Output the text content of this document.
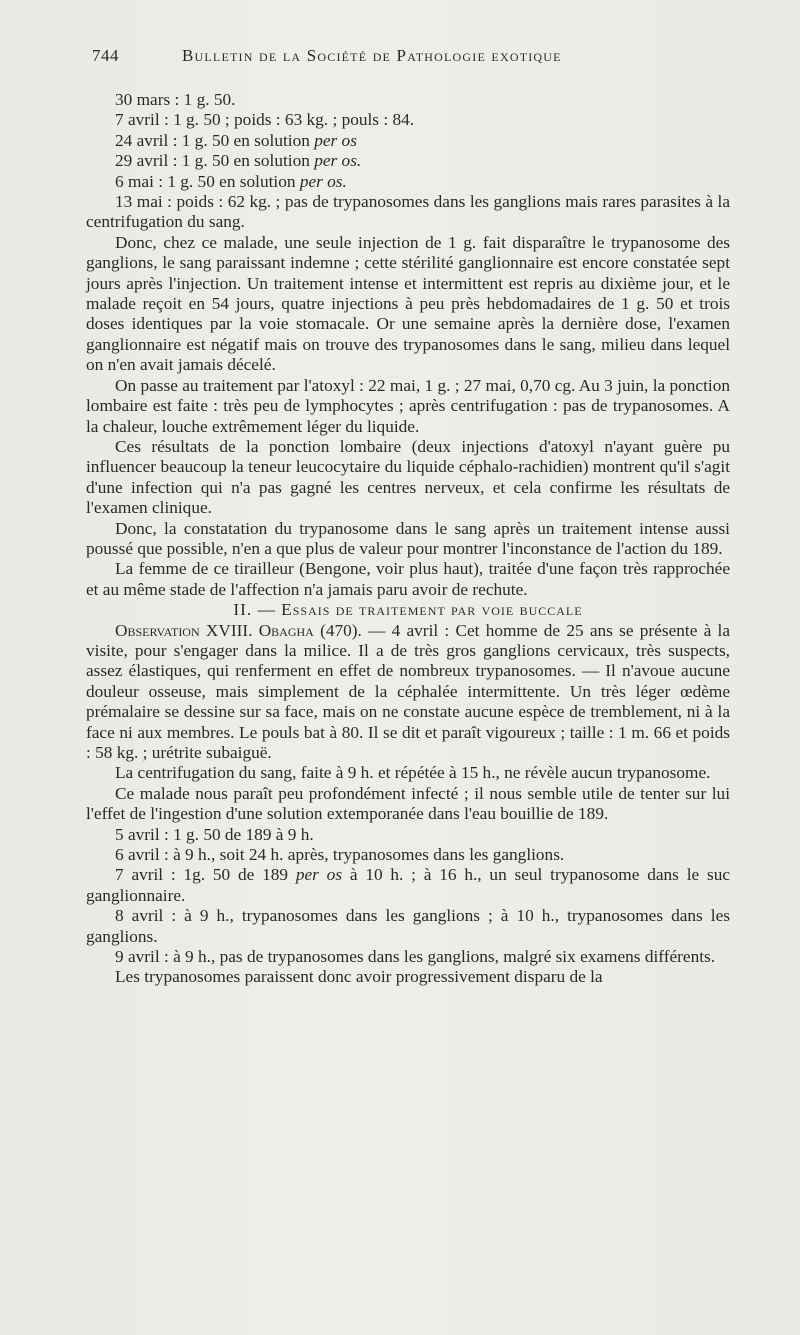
744	Bulletin de la Société de Pathologie exotique

30 mars : 1 g. 50.

7 avril : 1 g. 50 ; poids : 63 kg. ; pouls : 84.

24 avril : 1 g. 50 en solution per os

29 avril : 1 g. 50 en solution per os.

6 mai : 1 g. 50 en solution per os.

13 mai : poids : 62 kg. ; pas de trypanosomes dans les ganglions mais rares parasites à la centrifugation du sang.

Donc, chez ce malade, une seule injection de 1 g. fait disparaître le trypanosome des ganglions, le sang paraissant indemne ; cette stérilité ganglionnaire est encore constatée sept jours après l'injection. Un traitement intense et intermittent est repris au dixième jour, et le malade reçoit en 54 jours, quatre injections à peu près hebdomadaires de 1 g. 50 et trois doses identiques par la voie stomacale. Or une semaine après la dernière dose, l'examen ganglionnaire est négatif mais on trouve des trypanosomes dans le sang, milieu dans lequel on n'en avait jamais décelé.

On passe au traitement par l'atoxyl : 22 mai, 1 g. ; 27 mai, 0,70 cg. Au 3 juin, la ponction lombaire est faite : très peu de lymphocytes ; après centrifugation : pas de trypanosomes. A la chaleur, louche extrêmement léger du liquide.

Ces résultats de la ponction lombaire (deux injections d'atoxyl n'ayant guère pu influencer beaucoup la teneur leucocytaire du liquide céphalo-rachidien) montrent qu'il s'agit d'une infection qui n'a pas gagné les centres nerveux, et cela confirme les résultats de l'examen clinique.

Donc, la constatation du trypanosome dans le sang après un traitement intense aussi poussé que possible, n'en a que plus de valeur pour montrer l'inconstance de l'action du 189.

La femme de ce tirailleur (Bengone, voir plus haut), traitée d'une façon très rapprochée et au même stade de l'affection n'a jamais paru avoir de rechute.

II. — Essais de traitement par voie buccale

Observation XVIII. Obagha (470). — 4 avril : Cet homme de 25 ans se présente à la visite, pour s'engager dans la milice. Il a de très gros ganglions cervicaux, très suspects, assez élastiques, qui renferment en effet de nombreux trypanosomes. — Il n'avoue aucune douleur osseuse, mais simplement de la céphalée intermittente. Un très léger œdème prémalaire se dessine sur sa face, mais on ne constate aucune espèce de tremblement, ni à la face ni aux membres. Le pouls bat à 80. Il se dit et paraît vigoureux ; taille : 1 m. 66 et poids : 58 kg. ; urétrite subaiguë.

La centrifugation du sang, faite à 9 h. et répétée à 15 h., ne révèle aucun trypanosome.

Ce malade nous paraît peu profondément infecté ; il nous semble utile de tenter sur lui l'effet de l'ingestion d'une solution extemporanée dans l'eau bouillie de 189.

5 avril : 1 g. 50 de 189 à 9 h.

6 avril : à 9 h., soit 24 h. après, trypanosomes dans les ganglions.

7 avril : 1g. 50 de 189 per os à 10 h. ; à 16 h., un seul trypanosome dans le suc ganglionnaire.

8 avril : à 9 h., trypanosomes dans les ganglions ; à 10 h., trypanosomes dans les ganglions.

9 avril : à 9 h., pas de trypanosomes dans les ganglions, malgré six examens différents.

Les trypanosomes paraissent donc avoir progressivement disparu de la
